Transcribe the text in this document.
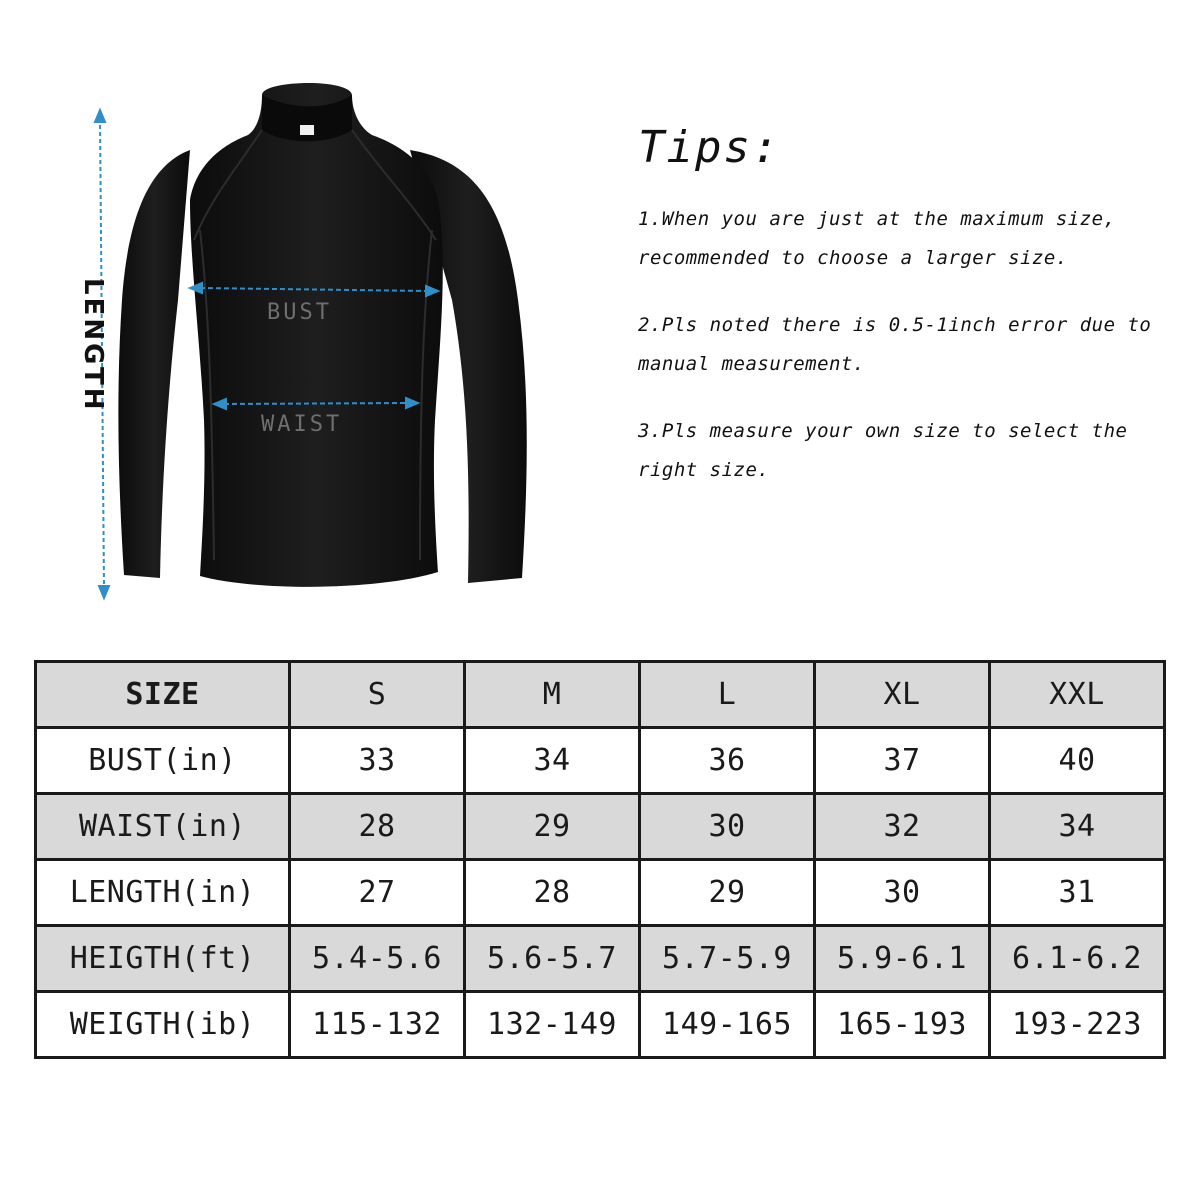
LENGTH	BUST
WAIST
Tips:

1.When you are just at the maximum size, recommended to choose a larger size.

2.Pls noted there is 0.5-1inch error due to manual measurement.

3.Pls measure your own size to select the right size.

SIZE	S	M	L	XL	XXL
BUST(in)	33	34	36	37	40
WAIST(in)	28	29	30	32	34
LENGTH(in)	27	28	29	30	31
HEIGTH(ft)	5.4-5.6	5.6-5.7	5.7-5.9	5.9-6.1	6.1-6.2
WEIGTH(ib)	115-132	132-149	149-165	165-193	193-223
